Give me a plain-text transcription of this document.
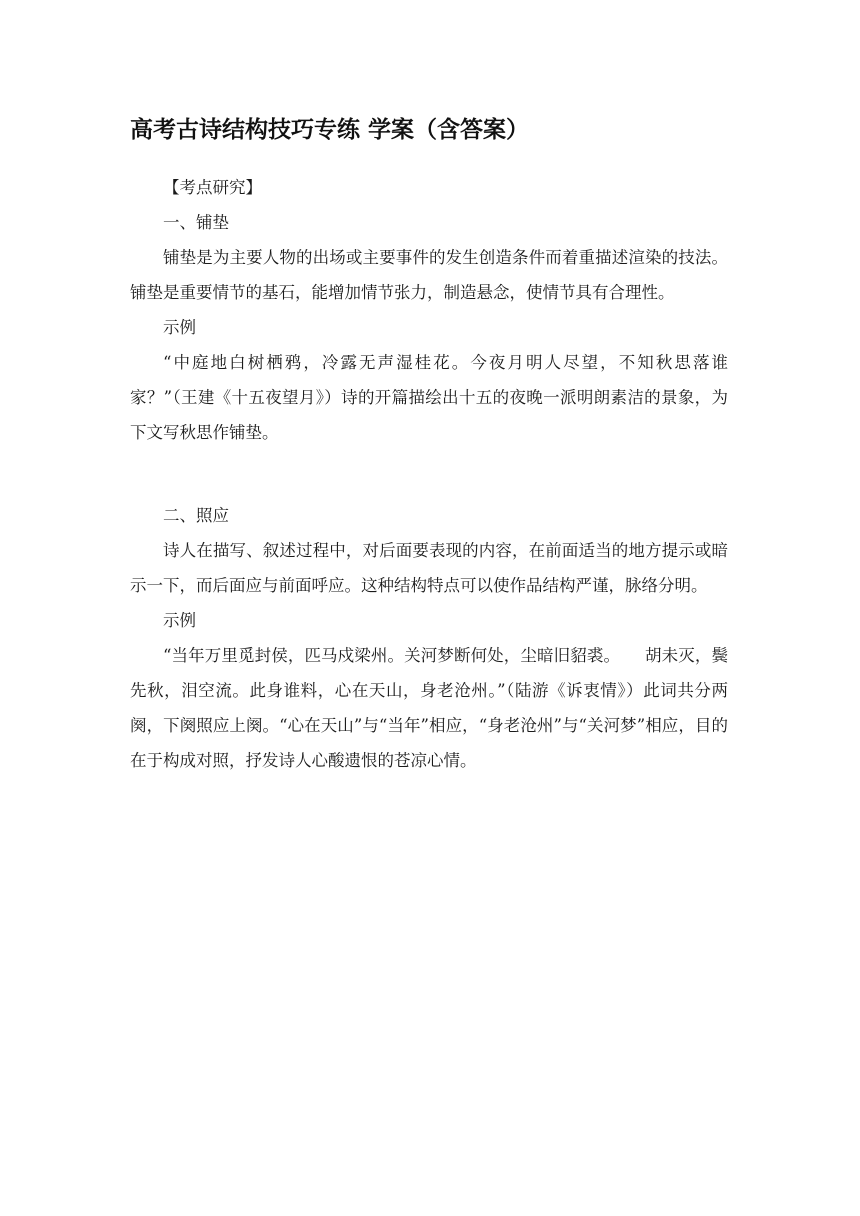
高考古诗结构技巧专练 学案（含答案）

【考点研究】

一、铺垫

铺垫是为主要人物的出场或主要事件的发生创造条件而着重描述渲染的技法。铺垫是重要情节的基石，能增加情节张力，制造悬念，使情节具有合理性。

示例

“中庭地白树栖鸦，冷露无声湿桂花。今夜月明人尽望，不知秋思落谁家？”（王建《十五夜望月》）诗的开篇描绘出十五的夜晚一派明朗素洁的景象，为下文写秋思作铺垫。

二、照应

诗人在描写、叙述过程中，对后面要表现的内容，在前面适当的地方提示或暗示一下，而后面应与前面呼应。这种结构特点可以使作品结构严谨，脉络分明。

示例

“当年万里觅封侯，匹马戍梁州。关河梦断何处，尘暗旧貂裘。　　胡未灭，鬓先秋，泪空流。此身谁料，心在天山，身老沧州。”（陆游《诉衷情》）此词共分两阕，下阕照应上阕。“心在天山”与“当年”相应，“身老沧州”与“关河梦”相应，目的在于构成对照，抒发诗人心酸遗恨的苍凉心情。
